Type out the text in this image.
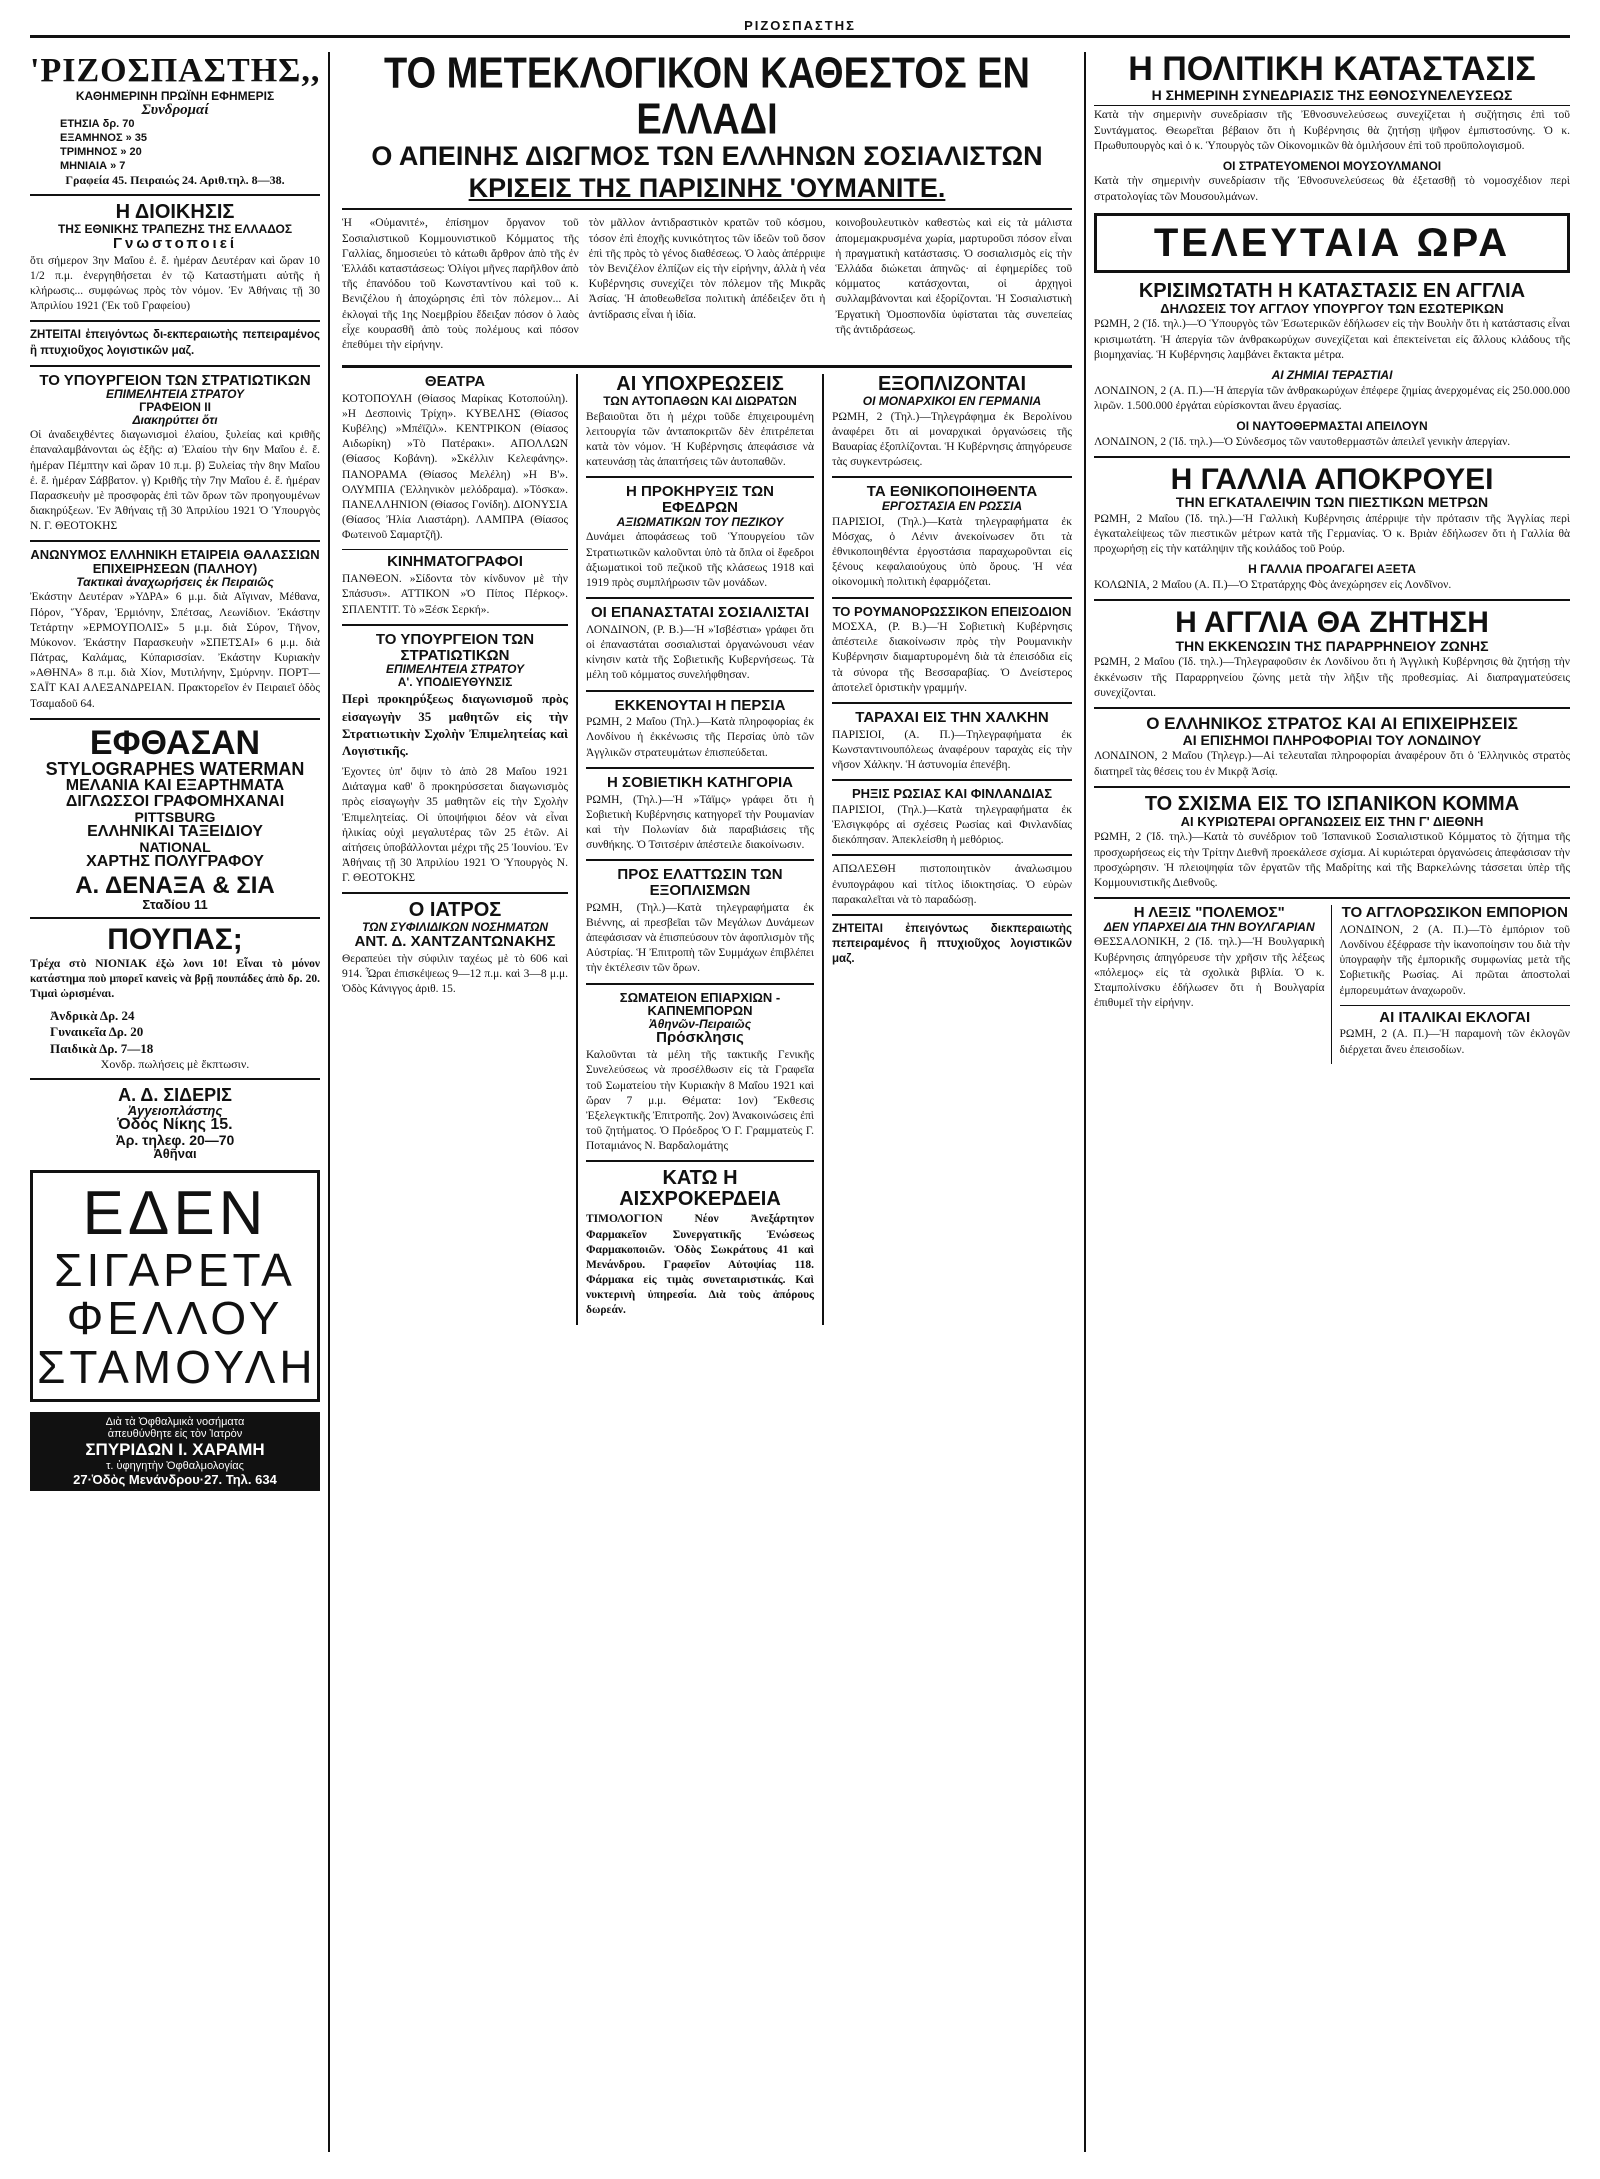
ΡΙΖΟΣΠΑΣΤΗΣ
'ΡΙΖΟΣΠΑΣΤΗΣ,,
ΚΑΘΗΜΕΡΙΝΗ ΠΡΩΪΝΗ ΕΦΗΜΕΡΙΣ
Συνδρομαί
ΕΤΗΣΙΑ δρ. 70
ΕΞΑΜΗΝΟΣ » 35
ΤΡΙΜΗΝΟΣ » 20
ΜΗΝΙΑΙΑ » 7
Γραφεία 45. Πειραιώς 24. Αριθ.τηλ. 8—38.
Η ΔΙΟΙΚΗΣΙΣ
ΤΗΣ ΕΘΝΙΚΗΣ ΤΡΑΠΕΖΗΣ ΤΗΣ ΕΛΛΑΔΟΣ
Γνωστοποιεί

ὅτι σήμερον 3ην Μαΐου ἐ. ἔ. ἡμέραν Δευτέραν καὶ ὥραν 10 1/2 π.μ. ἐνεργηθήσεται ἐν τῷ Καταστήματι αὐτῆς ἡ κλήρωσις... συμφώνως πρὸς τὸν νόμον. Ἐν Ἀθήναις τῇ 30 Ἀπριλίου 1921 (Ἐκ τοῦ Γραφείου)

ΖΗΤΕΙΤΑΙ ἐπειγόντως δι-εκπεραιωτὴς πεπειραμένος ἢ πτυχιοῦχος λογιστικῶν μαζ.

ΤΟ ΥΠΟΥΡΓΕΙΟΝ ΤΩΝ ΣΤΡΑΤΙΩΤΙΚΩΝ
ΕΠΙΜΕΛΗΤΕΙΑ ΣΤΡΑΤΟΥ
ΓΡΑΦΕΙΟΝ II
Διακηρύττει ὅτι

Οἱ ἀναδειχθέντες διαγωνισμοὶ ἐλαίου, ξυλείας καὶ κριθῆς ἐπαναλαμβάνονται ὡς ἑξῆς: α) Ἐλαίου τὴν 6ην Μαΐου ἐ. ἔ. ἡμέραν Πέμπτην καὶ ὥραν 10 π.μ. β) Ξυλείας τὴν 8ην Μαΐου ἐ. ἔ. ἡμέραν Σάββατον. γ) Κριθῆς τὴν 7ην Μαΐου ἐ. ἔ. ἡμέραν Παρασκευὴν μὲ προσφορὰς ἐπὶ τῶν ὅρων τῶν προηγουμένων διακηρύξεων. Ἐν Ἀθήναις τῇ 30 Ἀπριλίου 1921 Ὁ Ὑπουργὸς Ν. Γ. ΘΕΟΤΟΚΗΣ

ΑΝΩΝΥΜΟΣ ΕΛΛΗΝΙΚΗ ΕΤΑΙΡΕΙΑ ΘΑΛΑΣΣΙΩΝ ΕΠΙΧΕΙΡΗΣΕΩΝ (ΠΑΛΗΟΥ)
Τακτικαὶ ἀναχωρήσεις ἐκ Πειραιῶς

Ἐκάστην Δευτέραν »ΥΔΡΑ» 6 μ.μ. διὰ Αἴγιναν, Μέθανα, Πόρον, Ὕδραν, Ἑρμιόνην, Σπέτσας, Λεωνίδιον. Ἐκάστην Τετάρτην »ΕΡΜΟΥΠΟΛΙΣ» 5 μ.μ. διὰ Σύρον, Τῆνον, Μύκονον. Ἐκάστην Παρασκευὴν »ΣΠΕΤΣΑΙ» 6 μ.μ. διὰ Πάτρας, Καλάμας, Κύπαρισσίαν. Ἐκάστην Κυριακὴν »ΑΘΗΝΑ» 8 π.μ. διὰ Χίον, Μυτιλήνην, Σμύρνην. ΠΟΡΤ—ΣΑΪΤ ΚΑΙ ΑΛΕΞΑΝΔΡΕΙΑΝ. Πρακτορεῖον ἐν Πειραιεῖ ὁδὸς Τσαμαδοῦ 64.

ΕΦΘΑΣΑΝ
STYLOGRAPHES WATERMAN
ΜΕΛΑΝΙΑ ΚΑΙ ΕΞΑΡΤΗΜΑΤΑ
ΔΙΓΛΩΣΣΟΙ ΓΡΑΦΟΜΗΧΑΝΑΙ
PITTSBURG
ΕΛΛΗΝΙΚΑΙ ΤΑΞΕΙΔΙΟΥ
NATIONAL
ΧΑΡΤΗΣ ΠΟΛΥΓΡΑΦΟΥ
Α. ΔΕΝΑΞΑ & ΣΙΑ
Σταδίου 11
ΠΟΥΠΑΣ;

Τρέχα στὸ ΝΙΟΝΙΑΚ ἐξὼ λονι 10! Εἶναι τὸ μόνον κατάστημα ποὺ μπορεῖ κανεὶς νὰ βρῇ πουπάδες ἀπὸ δρ. 20. Τιμαὶ ὡρισμέναι.

Ἀνδρικὰ Δρ. 24
Γυναικεῖα Δρ. 20
Παιδικὰ Δρ. 7—18
Χονδρ. πωλήσεις μὲ ἔκπτωσιν.
Α. Δ. ΣΙΔΕΡΙΣ
Ἀγγειοπλάστης
Ὁδὸς Νίκης 15.
Ἀρ. τηλεφ. 20—70
Ἀθῆναι
ΕΔΕΝ
ΣΙΓΑΡΕΤΑ
ΦΕΛΛΟΥ
ΣΤΑΜΟΥΛΗ
Διὰ τὰ Ὀφθαλμικὰ νοσήματα
ἀπευθύνθητε εἰς τὸν Ἰατρὸν
ΣΠΥΡΙΔΩΝ Ι. ΧΑΡΑΜΗ
τ. ὑφηγητὴν Ὀφθαλμολογίας
27·Ὁδὸς Μενάνδρου·27. Τηλ. 634
ΤΟ ΜΕΤΕΚΛΟΓΙΚΟΝ ΚΑΘΕΣΤΟΣ ΕΝ ΕΛΛΑΔΙ
Ο ΑΠΕΙΝΗΣ ΔΙΩΓΜΟΣ ΤΩΝ ΕΛΛΗΝΩΝ ΣΟΣΙΑΛΙΣΤΩΝ
ΚΡΙΣΕΙΣ ΤΗΣ ΠΑΡΙΣΙΝΗΣ 'ΟΥΜΑΝΙΤΕ.

Ἡ «Οὐμανιτέ», ἐπίσημον ὄργανον τοῦ Σοσιαλιστικοῦ Κομμουνιστικοῦ Κόμματος τῆς Γαλλίας, δημοσιεύει τὸ κάτωθι ἄρθρον ἀπὸ τῆς ἐν Ἑλλάδι καταστάσεως: Ὀλίγοι μῆνες παρῆλθον ἀπὸ τῆς ἐπανόδου τοῦ Κωνσταντίνου καὶ τοῦ κ. Βενιζέλου ἡ ἀποχώρησις ἐπὶ τὸν πόλεμον... Αἱ ἐκλογαὶ τῆς 1ης Νοεμβρίου ἔδειξαν πόσον ὁ λαὸς εἶχε κουρασθῆ ἀπὸ τοὺς πολέμους καὶ πόσον ἐπεθύμει τὴν εἰρήνην.

τὸν μᾶλλον ἀντιδραστικὸν κρατῶν τοῦ κόσμου, τόσον ἐπὶ ἐποχῆς κυνικότητος τῶν ἰδεῶν τοῦ ὅσον ἐπὶ τῆς πρὸς τὸ γένος διαθέσεως. Ὁ λαὸς ἀπέρριψε τὸν Βενιζέλον ἐλπίζων εἰς τὴν εἰρήνην, ἀλλὰ ἡ νέα Κυβέρνησις συνεχίζει τὸν πόλεμον τῆς Μικρᾶς Ἀσίας. Ἡ ἀποθεωθεῖσα πολιτικὴ ἀπέδειξεν ὅτι ἡ ἀντίδρασις εἶναι ἡ ἰδία.

κοινοβουλευτικὸν καθεστὼς καὶ εἰς τὰ μάλιστα ἀπομεμακρυσμένα χωρία, μαρτυροῦσι πόσον εἶναι ἡ πραγματικὴ κατάστασις. Ὁ σοσιαλισμὸς εἰς τὴν Ἑλλάδα διώκεται ἀπηνῶς· αἱ ἐφημερίδες τοῦ κόμματος κατάσχονται, οἱ ἀρχηγοὶ συλλαμβάνονται καὶ ἐξορίζονται. Ἡ Σοσιαλιστικὴ Ἐργατικὴ Ὁμοσπονδία ὑφίσταται τὰς συνεπείας τῆς ἀντιδράσεως.

ΘΕΑΤΡΑ

ΚΟΤΟΠΟΥΛΗ (Θίασος Μαρίκας Κοτοπούλη). »Η Δεσποινὶς Τρίχη». ΚΥΒΕΛΗΣ (Θίασος Κυβέλης) »Μπέϊζιλ». ΚΕΝΤΡΙΚΟΝ (Θίασος Αιδωρίκη) »Τὸ Πατέρακι». ΑΠΟΛΛΩΝ (Θίασος Κοβάνη). »Σκέλλιν Κελεφάνης». ΠΑΝΟΡΑΜΑ (Θίασος Μελέλη) »Η Β'». ΟΛΥΜΠΙΑ (Ἑλληνικὸν μελόδραμα). »Τόσκα». ΠΑΝΕΛΛΗΝΙΟΝ (Θίασος Γονίδη). ΔΙΟΝΥΣΙΑ (Θίασος Ἠλία Λιαστάρη). ΛΑΜΠΡΑ (Θίασος Φωτεινοῦ Σαμαρτζῆ).

ΚΙΝΗΜΑΤΟΓΡΑΦΟΙ

ΠΑΝΘΕΟΝ. »Σίδοντα τὸν κίνδυνον μὲ τὴν Σπάσυσι». ΑΤΤΙΚΟΝ »Ὁ Πίπος Πέρκος». ΣΠΛΕΝΤΙΤ. Τὸ »Ξέσκ Σερκή».

ΤΟ ΥΠΟΥΡΓΕΙΟΝ ΤΩΝ ΣΤΡΑΤΙΩΤΙΚΩΝ
ΕΠΙΜΕΛΗΤΕΙΑ ΣΤΡΑΤΟΥ
Α'. ΥΠΟΔΙΕΥΘΥΝΣΙΣ

Περὶ προκηρύξεως διαγωνισμοῦ πρὸς εἰσαγωγὴν 35 μαθητῶν εἰς τὴν Στρατιωτικὴν Σχολὴν Ἐπιμελητείας καὶ Λογιστικῆς.

Ἐχοντες ὑπ' ὄψιν τὸ ἀπὸ 28 Μαΐου 1921 Διάταγμα καθ' ὃ προκηρύσσεται διαγωνισμὸς πρὸς εἰσαγωγὴν 35 μαθητῶν εἰς τὴν Σχολὴν Ἐπιμελητείας. Οἱ ὑποψήφιοι δέον νὰ εἶναι ἡλικίας οὐχὶ μεγαλυτέρας τῶν 25 ἐτῶν. Αἱ αἰτήσεις ὑποβάλλονται μέχρι τῆς 25 Ἰουνίου. Ἐν Ἀθήναις τῇ 30 Ἀπριλίου 1921 Ὁ Ὑπουργὸς Ν. Γ. ΘΕΟΤΟΚΗΣ

Ο ΙΑΤΡΟΣ
ΤΩΝ ΣΥΦΙΛΙΔΙΚΩΝ ΝΟΣΗΜΑΤΩΝ
ΑΝΤ. Δ. ΧΑΝΤΖΑΝΤΩΝΑΚΗΣ

Θεραπεύει τὴν σύφιλιν ταχέως μὲ τὸ 606 καὶ 914. Ὧραι ἐπισκέψεως 9—12 π.μ. καὶ 3—8 μ.μ. Ὁδὸς Κάνιγγος ἀριθ. 15.

ΑΙ ΥΠΟΧΡΕΩΣΕΙΣ
ΤΩΝ ΑΥΤΟΠΑΘΩΝ ΚΑΙ ΔΙΩΡΑΤΩΝ

Βεβαιοῦται ὅτι ἡ μέχρι τοῦδε ἐπιχειρουμένη λειτουργία τῶν ἀνταποκριτῶν δὲν ἐπιτρέπεται κατὰ τὸν νόμον. Ἡ Κυβέρνησις ἀπεφάσισε νὰ κατευνάσῃ τὰς ἀπαιτήσεις τῶν ἀυτοπαθῶν.

Η ΠΡΟΚΗΡΥΞΙΣ ΤΩΝ ΕΦΕΔΡΩΝ
ΑΞΙΩΜΑΤΙΚΩΝ ΤΟΥ ΠΕΖΙΚΟΥ

Δυνάμει ἀποφάσεως τοῦ Ὑπουργείου τῶν Στρατιωτικῶν καλοῦνται ὑπὸ τὰ ὅπλα οἱ ἔφεδροι ἀξιωματικοὶ τοῦ πεζικοῦ τῆς κλάσεως 1918 καὶ 1919 πρὸς συμπλήρωσιν τῶν μονάδων.

ΟΙ ΕΠΑΝΑΣΤΑΤΑΙ ΣΟΣΙΑΛΙΣΤΑΙ

ΛΟΝΔΙΝΟΝ, (Ρ. Β.)—Ἡ »Ἰσβέστια» γράφει ὅτι οἱ ἐπαναστάται σοσιαλισταὶ ὀργανώνουσι νέαν κίνησιν κατὰ τῆς Σοβιετικῆς Κυβερνήσεως. Τὰ μέλη τοῦ κόμματος συνελήφθησαν.

ΕΚΚΕΝΟΥΤΑΙ Η ΠΕΡΣΙΑ

ΡΩΜΗ, 2 Μαΐου (Τηλ.)—Κατὰ πληροφορίας ἐκ Λονδίνου ἡ ἐκκένωσις τῆς Περσίας ὑπὸ τῶν Ἀγγλικῶν στρατευμάτων ἐπισπεύδεται.

Η ΣΟΒΙΕΤΙΚΗ ΚΑΤΗΓΟΡΙΑ

ΡΩΜΗ, (Τηλ.)—Ἡ »Τάϊμς» γράφει ὅτι ἡ Σοβιετικὴ Κυβέρνησις κατηγορεῖ τὴν Ρουμανίαν καὶ τὴν Πολωνίαν διὰ παραβιάσεις τῆς συνθήκης. Ὁ Τσιτσέριν ἀπέστειλε διακοίνωσιν.

ΠΡΟΣ ΕΛΑΤΤΩΣΙΝ ΤΩΝ ΕΞΟΠΛΙΣΜΩΝ

ΡΩΜΗ, (Τηλ.)—Κατὰ τηλεγραφήματα ἐκ Βιέννης, αἱ πρεσβεῖαι τῶν Μεγάλων Δυνάμεων ἀπεφάσισαν νὰ ἐπισπεύσουν τὸν ἀφοπλισμὸν τῆς Αὐστρίας. Ἡ Ἐπιτροπὴ τῶν Συμμάχων ἐπιβλέπει τὴν ἐκτέλεσιν τῶν ὅρων.

ΣΩΜΑΤΕΙΟΝ ΕΠΙΑΡΧΙΩΝ - ΚΑΠΝΕΜΠΟΡΩΝ
Ἀθηνῶν-Πειραιῶς
Πρόσκλησις

Καλοῦνται τὰ μέλη τῆς τακτικῆς Γενικῆς Συνελεύσεως νὰ προσέλθωσιν εἰς τὰ Γραφεῖα τοῦ Σωματείου τὴν Κυριακὴν 8 Μαΐου 1921 καὶ ὥραν 7 μ.μ. Θέματα: 1ον) Ἔκθεσις Ἐξελεγκτικῆς Ἐπιτροπῆς. 2ον) Ἀνακοινώσεις ἐπὶ τοῦ ζητήματος. Ὁ Πρόεδρος Ὁ Γ. Γραμματεὺς Γ. Ποταμιάνος Ν. Βαρδαλομάτης

ΚΑΤΩ Η ΑΙΣΧΡΟΚΕΡΔΕΙΑ

ΤΙΜΟΛΟΓΙΟΝ Νέον Ἀνεξάρτητον Φαρμακεῖον Συνεργατικῆς Ἑνώσεως Φαρμακοποιῶν. Ὁδὸς Σωκράτους 41 καὶ Μενάνδρου. Γραφεῖον Αὐτοψίας 118. Φάρμακα εἰς τιμὰς συνεταιριστικάς. Καὶ νυκτερινὴ ὑπηρεσία. Διὰ τοὺς ἀπόρους δωρεάν.

ΕΞΟΠΛΙΖΟΝΤΑΙ
ΟΙ ΜΟΝΑΡΧΙΚΟΙ ΕΝ ΓΕΡΜΑΝΙΑ

ΡΩΜΗ, 2 (Τηλ.)—Τηλεγράφημα ἐκ Βερολίνου ἀναφέρει ὅτι αἱ μοναρχικαὶ ὀργανώσεις τῆς Βαυαρίας ἐξοπλίζονται. Ἡ Κυβέρνησις ἀπηγόρευσε τὰς συγκεντρώσεις.

ΤΑ ΕΘΝΙΚΟΠΟΙΗΘΕΝΤΑ
ΕΡΓΟΣΤΑΣΙΑ ΕΝ ΡΩΣΣΙΑ

ΠΑΡΙΣΙΟΙ, (Τηλ.)—Κατὰ τηλεγραφήματα ἐκ Μόσχας, ὁ Λένιν ἀνεκοίνωσεν ὅτι τὰ ἐθνικοποιηθέντα ἐργοστάσια παραχωροῦνται εἰς ξένους κεφαλαιούχους ὑπὸ ὅρους. Ἡ νέα οἰκονομικὴ πολιτικὴ ἐφαρμόζεται.

ΤΟ ΡΟΥΜΑΝΟΡΩΣΣΙΚΟΝ ΕΠΕΙΣΟΔΙΟΝ

ΜΟΣΧΑ, (Ρ. Β.)—Ἡ Σοβιετικὴ Κυβέρνησις ἀπέστειλε διακοίνωσιν πρὸς τὴν Ρουμανικὴν Κυβέρνησιν διαμαρτυρομένη διὰ τὰ ἐπεισόδια εἰς τὰ σύνορα τῆς Βεσσαραβίας. Ὁ Δνείστερος ἀποτελεῖ ὁριστικὴν γραμμήν.

ΤΑΡΑΧΑΙ ΕΙΣ ΤΗΝ ΧΑΛΚΗΝ

ΠΑΡΙΣΙΟΙ, (Α. Π.)—Τηλεγραφήματα ἐκ Κωνσταντινουπόλεως ἀναφέρουν ταραχὰς εἰς τὴν νῆσον Χάλκην. Ἡ ἀστυνομία ἐπενέβη.

ΡΗΞΙΣ ΡΩΣΙΑΣ ΚΑΙ ΦΙΝΛΑΝΔΙΑΣ

ΠΑΡΙΣΙΟΙ, (Τηλ.)—Κατὰ τηλεγραφήματα ἐκ Ἑλσιγκφόρς αἱ σχέσεις Ρωσίας καὶ Φινλανδίας διεκόπησαν. Ἀπεκλείσθη ἡ μεθόριος.

ΑΠΩΛΕΣΘΗ πιστοποιητικὸν ἀναλωσιμου ἐνυπογράφου καὶ τίτλος ἰδιοκτησίας. Ὁ εὑρὼν παρακαλεῖται νὰ τὸ παραδώσῃ.

ΖΗΤΕΙΤΑΙ ἐπειγόντως διεκπεραιωτὴς πεπειραμένος ἢ πτυχιοῦχος λογιστικῶν μαζ.

Η ΠΟΛΙΤΙΚΗ ΚΑΤΑΣΤΑΣΙΣ
Η ΣΗΜΕΡΙΝΗ ΣΥΝΕΔΡΙΑΣΙΣ ΤΗΣ ΕΘΝΟΣΥΝΕΛΕΥΣΕΩΣ

Κατὰ τὴν σημερινὴν συνεδρίασιν τῆς Ἐθνοσυνελεύσεως συνεχίζεται ἡ συζήτησις ἐπὶ τοῦ Συντάγματος. Θεωρεῖται βέβαιον ὅτι ἡ Κυβέρνησις θὰ ζητήσῃ ψῆφον ἐμπιστοσύνης. Ὁ κ. Πρωθυπουργὸς καὶ ὁ κ. Ὑπουργὸς τῶν Οἰκονομικῶν θὰ ὁμιλήσουν ἐπὶ τοῦ προϋπολογισμοῦ.

ΟΙ ΣΤΡΑΤΕΥΟΜΕΝΟΙ ΜΟΥΣΟΥΛΜΑΝΟΙ

Κατὰ τὴν σημερινὴν συνεδρίασιν τῆς Ἐθνοσυνελεύσεως θὰ ἐξετασθῇ τὸ νομοσχέδιον περὶ στρατολογίας τῶν Μουσουλμάνων.

ΤΕΛΕΥΤΑΙΑ ΩΡΑ
ΚΡΙΣΙΜΩΤΑΤΗ Η ΚΑΤΑΣΤΑΣΙΣ ΕΝ ΑΓΓΛΙΑ
ΔΗΛΩΣΕΙΣ ΤΟΥ ΑΓΓΛΟΥ ΥΠΟΥΡΓΟΥ ΤΩΝ ΕΣΩΤΕΡΙΚΩΝ

ΡΩΜΗ, 2 (Ἰδ. τηλ.)—Ὁ Ὑπουργὸς τῶν Ἐσωτερικῶν ἐδήλωσεν εἰς τὴν Βουλὴν ὅτι ἡ κατάστασις εἶναι κρισιμωτάτη. Ἡ ἀπεργία τῶν ἀνθρακωρύχων συνεχίζεται καὶ ἐπεκτείνεται εἰς ἄλλους κλάδους τῆς βιομηχανίας. Ἡ Κυβέρνησις λαμβάνει ἔκτακτα μέτρα.

ΑΙ ΖΗΜΙΑΙ ΤΕΡΑΣΤΙΑΙ

ΛΟΝΔΙΝΟΝ, 2 (Α. Π.)—Ἡ ἀπεργία τῶν ἀνθρακωρύχων ἐπέφερε ζημίας ἀνερχομένας εἰς 250.000.000 λιρῶν. 1.500.000 ἐργάται εὑρίσκονται ἄνευ ἐργασίας.

ΟΙ ΝΑΥΤΟΘΕΡΜΑΣΤΑΙ ΑΠΕΙΛΟΥΝ

ΛΟΝΔΙΝΟΝ, 2 (Ἰδ. τηλ.)—Ὁ Σύνδεσμος τῶν ναυτοθερμαστῶν ἀπειλεῖ γενικὴν ἀπεργίαν.

Η ΓΑΛΛΙΑ ΑΠΟΚΡΟΥΕΙ
ΤΗΝ ΕΓΚΑΤΑΛΕΙΨΙΝ ΤΩΝ ΠΙΕΣΤΙΚΩΝ ΜΕΤΡΩΝ

ΡΩΜΗ, 2 Μαΐου (Ἰδ. τηλ.)—Ἡ Γαλλικὴ Κυβέρνησις ἀπέρριψε τὴν πρότασιν τῆς Ἀγγλίας περὶ ἐγκαταλείψεως τῶν πιεστικῶν μέτρων κατὰ τῆς Γερμανίας. Ὁ κ. Βριὰν ἐδήλωσεν ὅτι ἡ Γαλλία θὰ προχωρήσῃ εἰς τὴν κατάληψιν τῆς κοιλάδος τοῦ Ρούρ.

Η ΓΑΛΛΙΑ ΠΡΟΑΓΑΓΕΙ ΑΞΕΤΑ

ΚΟΛΩΝΙΑ, 2 Μαΐου (Α. Π.)—Ὁ Στρατάρχης Φὸς ἀνεχώρησεν εἰς Λονδῖνον.

Η ΑΓΓΛΙΑ ΘΑ ΖΗΤΗΣΗ
ΤΗΝ ΕΚΚΕΝΩΣΙΝ ΤΗΣ ΠΑΡΑΡΡΗΝΕΙΟΥ ΖΩΝΗΣ

ΡΩΜΗ, 2 Μαΐου (Ἰδ. τηλ.)—Τηλεγραφοῦσιν ἐκ Λονδίνου ὅτι ἡ Ἀγγλικὴ Κυβέρνησις θὰ ζητήσῃ τὴν ἐκκένωσιν τῆς Παραρρηνείου ζώνης μετὰ τὴν λῆξιν τῆς προθεσμίας. Αἱ διαπραγματεύσεις συνεχίζονται.

Ο ΕΛΛΗΝΙΚΟΣ ΣΤΡΑΤΟΣ ΚΑΙ ΑΙ ΕΠΙΧΕΙΡΗΣΕΙΣ
ΑΙ ΕΠΙΣΗΜΟΙ ΠΛΗΡΟΦΟΡΙΑΙ ΤΟΥ ΛΟΝΔΙΝΟΥ

ΛΟΝΔΙΝΟΝ, 2 Μαΐου (Τηλεγρ.)—Αἱ τελευταῖαι πληροφορίαι ἀναφέρουν ὅτι ὁ Ἑλληνικὸς στρατὸς διατηρεῖ τὰς θέσεις του ἐν Μικρᾷ Ἀσίᾳ.

ΤΟ ΣΧΙΣΜΑ ΕΙΣ ΤΟ ΙΣΠΑΝΙΚΟΝ ΚΟΜΜΑ
ΑΙ ΚΥΡΙΩΤΕΡΑΙ ΟΡΓΑΝΩΣΕΙΣ ΕΙΣ ΤΗΝ Γ' ΔΙΕΘΝΗ

ΡΩΜΗ, 2 (Ἰδ. τηλ.)—Κατὰ τὸ συνέδριον τοῦ Ἰσπανικοῦ Σοσιαλιστικοῦ Κόμματος τὸ ζήτημα τῆς προσχωρήσεως εἰς τὴν Τρίτην Διεθνῆ προεκάλεσε σχίσμα. Αἱ κυριώτεραι ὀργανώσεις ἀπεφάσισαν τὴν προσχώρησιν. Ἡ πλειοψηφία τῶν ἐργατῶν τῆς Μαδρίτης καὶ τῆς Βαρκελώνης τάσσεται ὑπὲρ τῆς Κομμουνιστικῆς Διεθνοῦς.

Η ΛΕΞΙΣ "ΠΟΛΕΜΟΣ"
ΔΕΝ ΥΠΑΡΧΕΙ ΔΙΑ ΤΗΝ ΒΟΥΛΓΑΡΙΑΝ

ΘΕΣΣΑΛΟΝΙΚΗ, 2 (Ἰδ. τηλ.)—Ἡ Βουλγαρικὴ Κυβέρνησις ἀπηγόρευσε τὴν χρῆσιν τῆς λέξεως «πόλεμος» εἰς τὰ σχολικὰ βιβλία. Ὁ κ. Σταμπολίνσκυ ἐδήλωσεν ὅτι ἡ Βουλγαρία ἐπιθυμεῖ τὴν εἰρήνην.

ΤΟ ΑΓΓΛΟΡΩΣΙΚΟΝ ΕΜΠΟΡΙΟΝ

ΛΟΝΔΙΝΟΝ, 2 (Α. Π.)—Τὸ ἐμπόριον τοῦ Λονδίνου ἐξέφρασε τὴν ἱκανοποίησιν του διὰ τὴν ὑπογραφὴν τῆς ἐμπορικῆς συμφωνίας μετὰ τῆς Σοβιετικῆς Ρωσίας. Αἱ πρῶται ἀποστολαὶ ἐμπορευμάτων ἀναχωροῦν.

ΑΙ ΙΤΑΛΙΚΑΙ ΕΚΛΟΓΑΙ

ΡΩΜΗ, 2 (Α. Π.)—Ἡ παραμονὴ τῶν ἐκλογῶν διέρχεται ἄνευ ἐπεισοδίων.
